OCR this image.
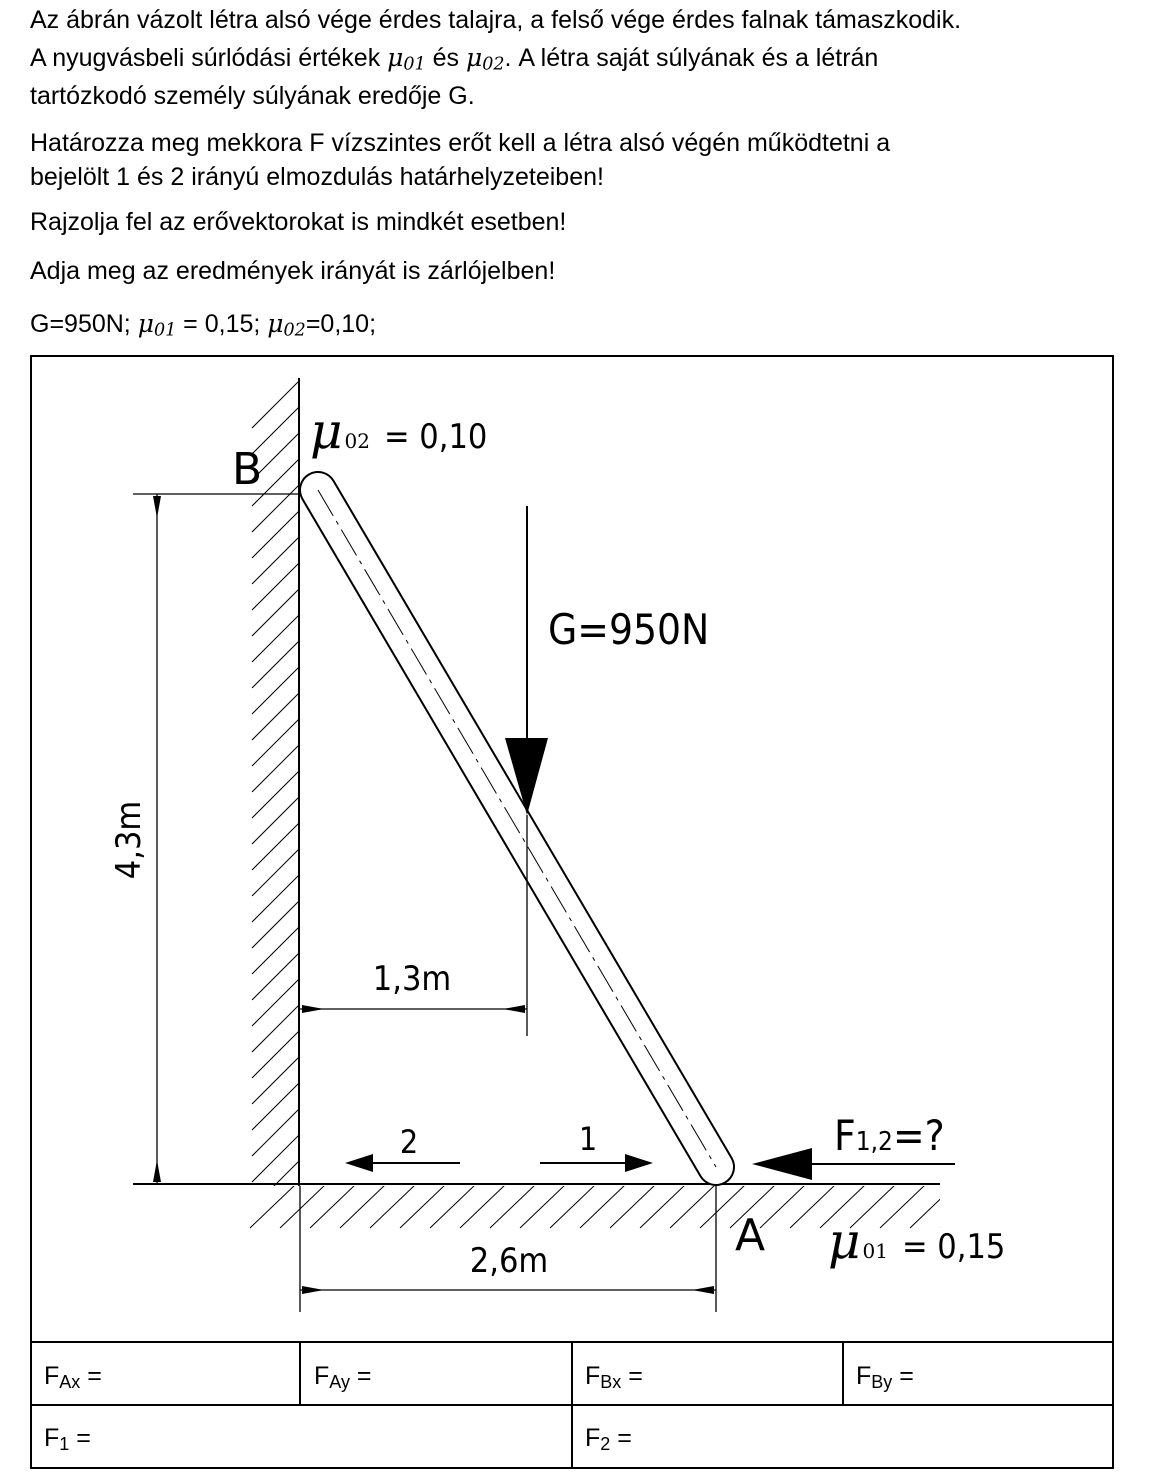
Az ábrán vázolt létra alsó vége érdes talajra, a felső vége érdes falnak támaszkodik.

A nyugvásbeli súrlódási értékek $\mu_{01}$ és $\mu_{02}$. A létra saját súlyának és a létrán

tartózkodó személy súlyának eredője G.

Határozza meg mekkora F vízszintes erőt kell a létra alsó végén működtetni a

bejelölt 1 és 2 irányú elmozdulás határhelyzeteiben!

Rajzolja fel az erővektorokat is mindkét esetben!

Adja meg az eredmények irányát is zárlójelben!

G=950N; $\mu_{01} = 0,15$; $\mu_{02}=0,10$;

B
μ 02 = 0,10
G=950N
4,3m
1,3m
2,6m
2	1	F1,2=?
A μ 01 = 0,15
FAx =	FAy =	FBx =	FBy =
F1 =	F2 =
